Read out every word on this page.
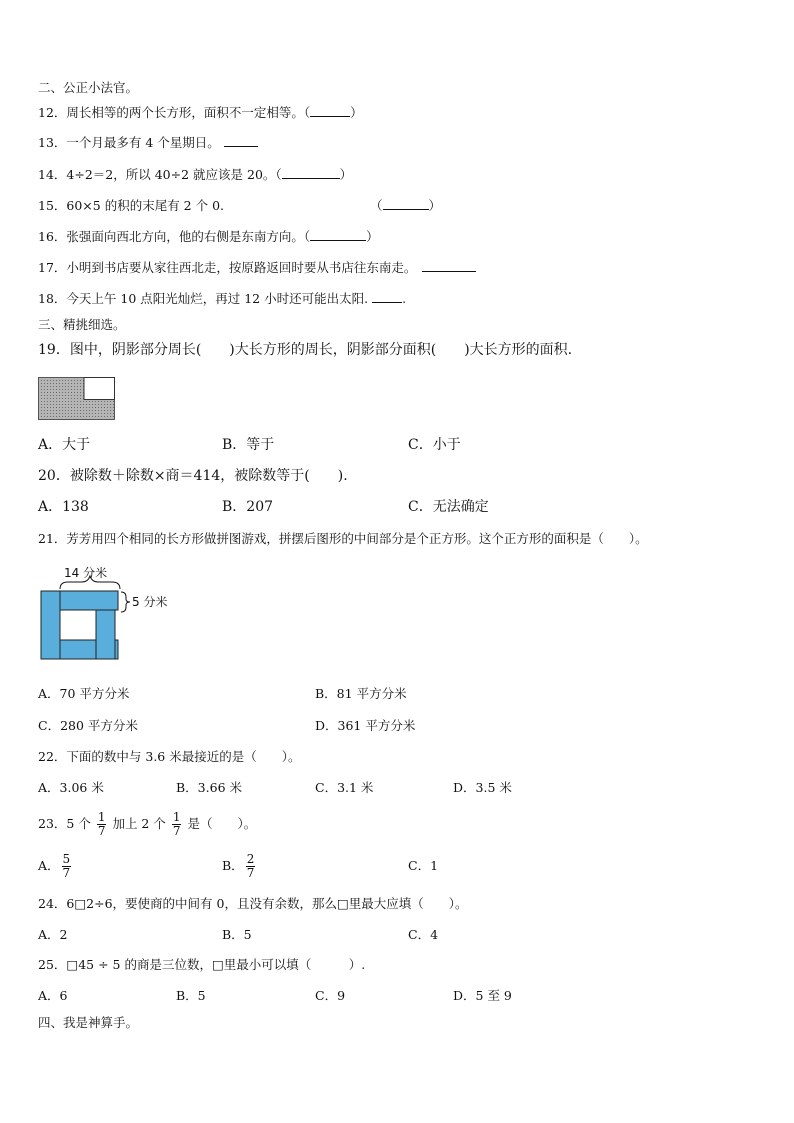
二、公正小法官。
12．周长相等的两个长方形，面积不一定相等。（	）
13．一个月最多有 4 个星期日。
14．4÷2＝2，所以 40÷2 就应该是 20。（	）
15．60×5 的积的末尾有 2 个 0.	（	）
16．张强面向西北方向，他的右侧是东南方向。（	）
17．小明到书店要从家往西北走，按原路返回时要从书店往东南走。
18．今天上午 10 点阳光灿烂，再过 12 小时还可能出太阳.	.
三、精挑细选。
19．图中，阴影部分周长(　　)大长方形的周长，阴影部分面积(　　)大长方形的面积.
A．大于	B．等于	C．小于
20．被除数＋除数×商＝414，被除数等于(　　).
A．138	B．207	C．无法确定
21．芳芳用四个相同的长方形做拼图游戏，拼摆后图形的中间部分是个正方形。这个正方形的面积是（　　）。
14 分米
5 分米
A．70 平方分米	B．81 平方分米
C．280 平方分米	D．361 平方分米
22．下面的数中与 3.6 米最接近的是（　　）。
A．3.06 米	B．3.66 米	C．3.1 米	D．3.5 米
23．5 个 $\frac{1}{7}$ 加上 2 个 $\frac{1}{7}$ 是（　　）。
A． $\frac{5}{7}$	B． $\frac{2}{7}$	C．1
24．6□2÷6，要使商的中间有 0，且没有余数，那么□里最大应填（　　）。
A．2	B．5	C．4
25．□45 ÷ 5 的商是三位数，□里最小可以填（　　　）.
A．6	B．5	C．9	D．5 至 9
四、我是神算手。
